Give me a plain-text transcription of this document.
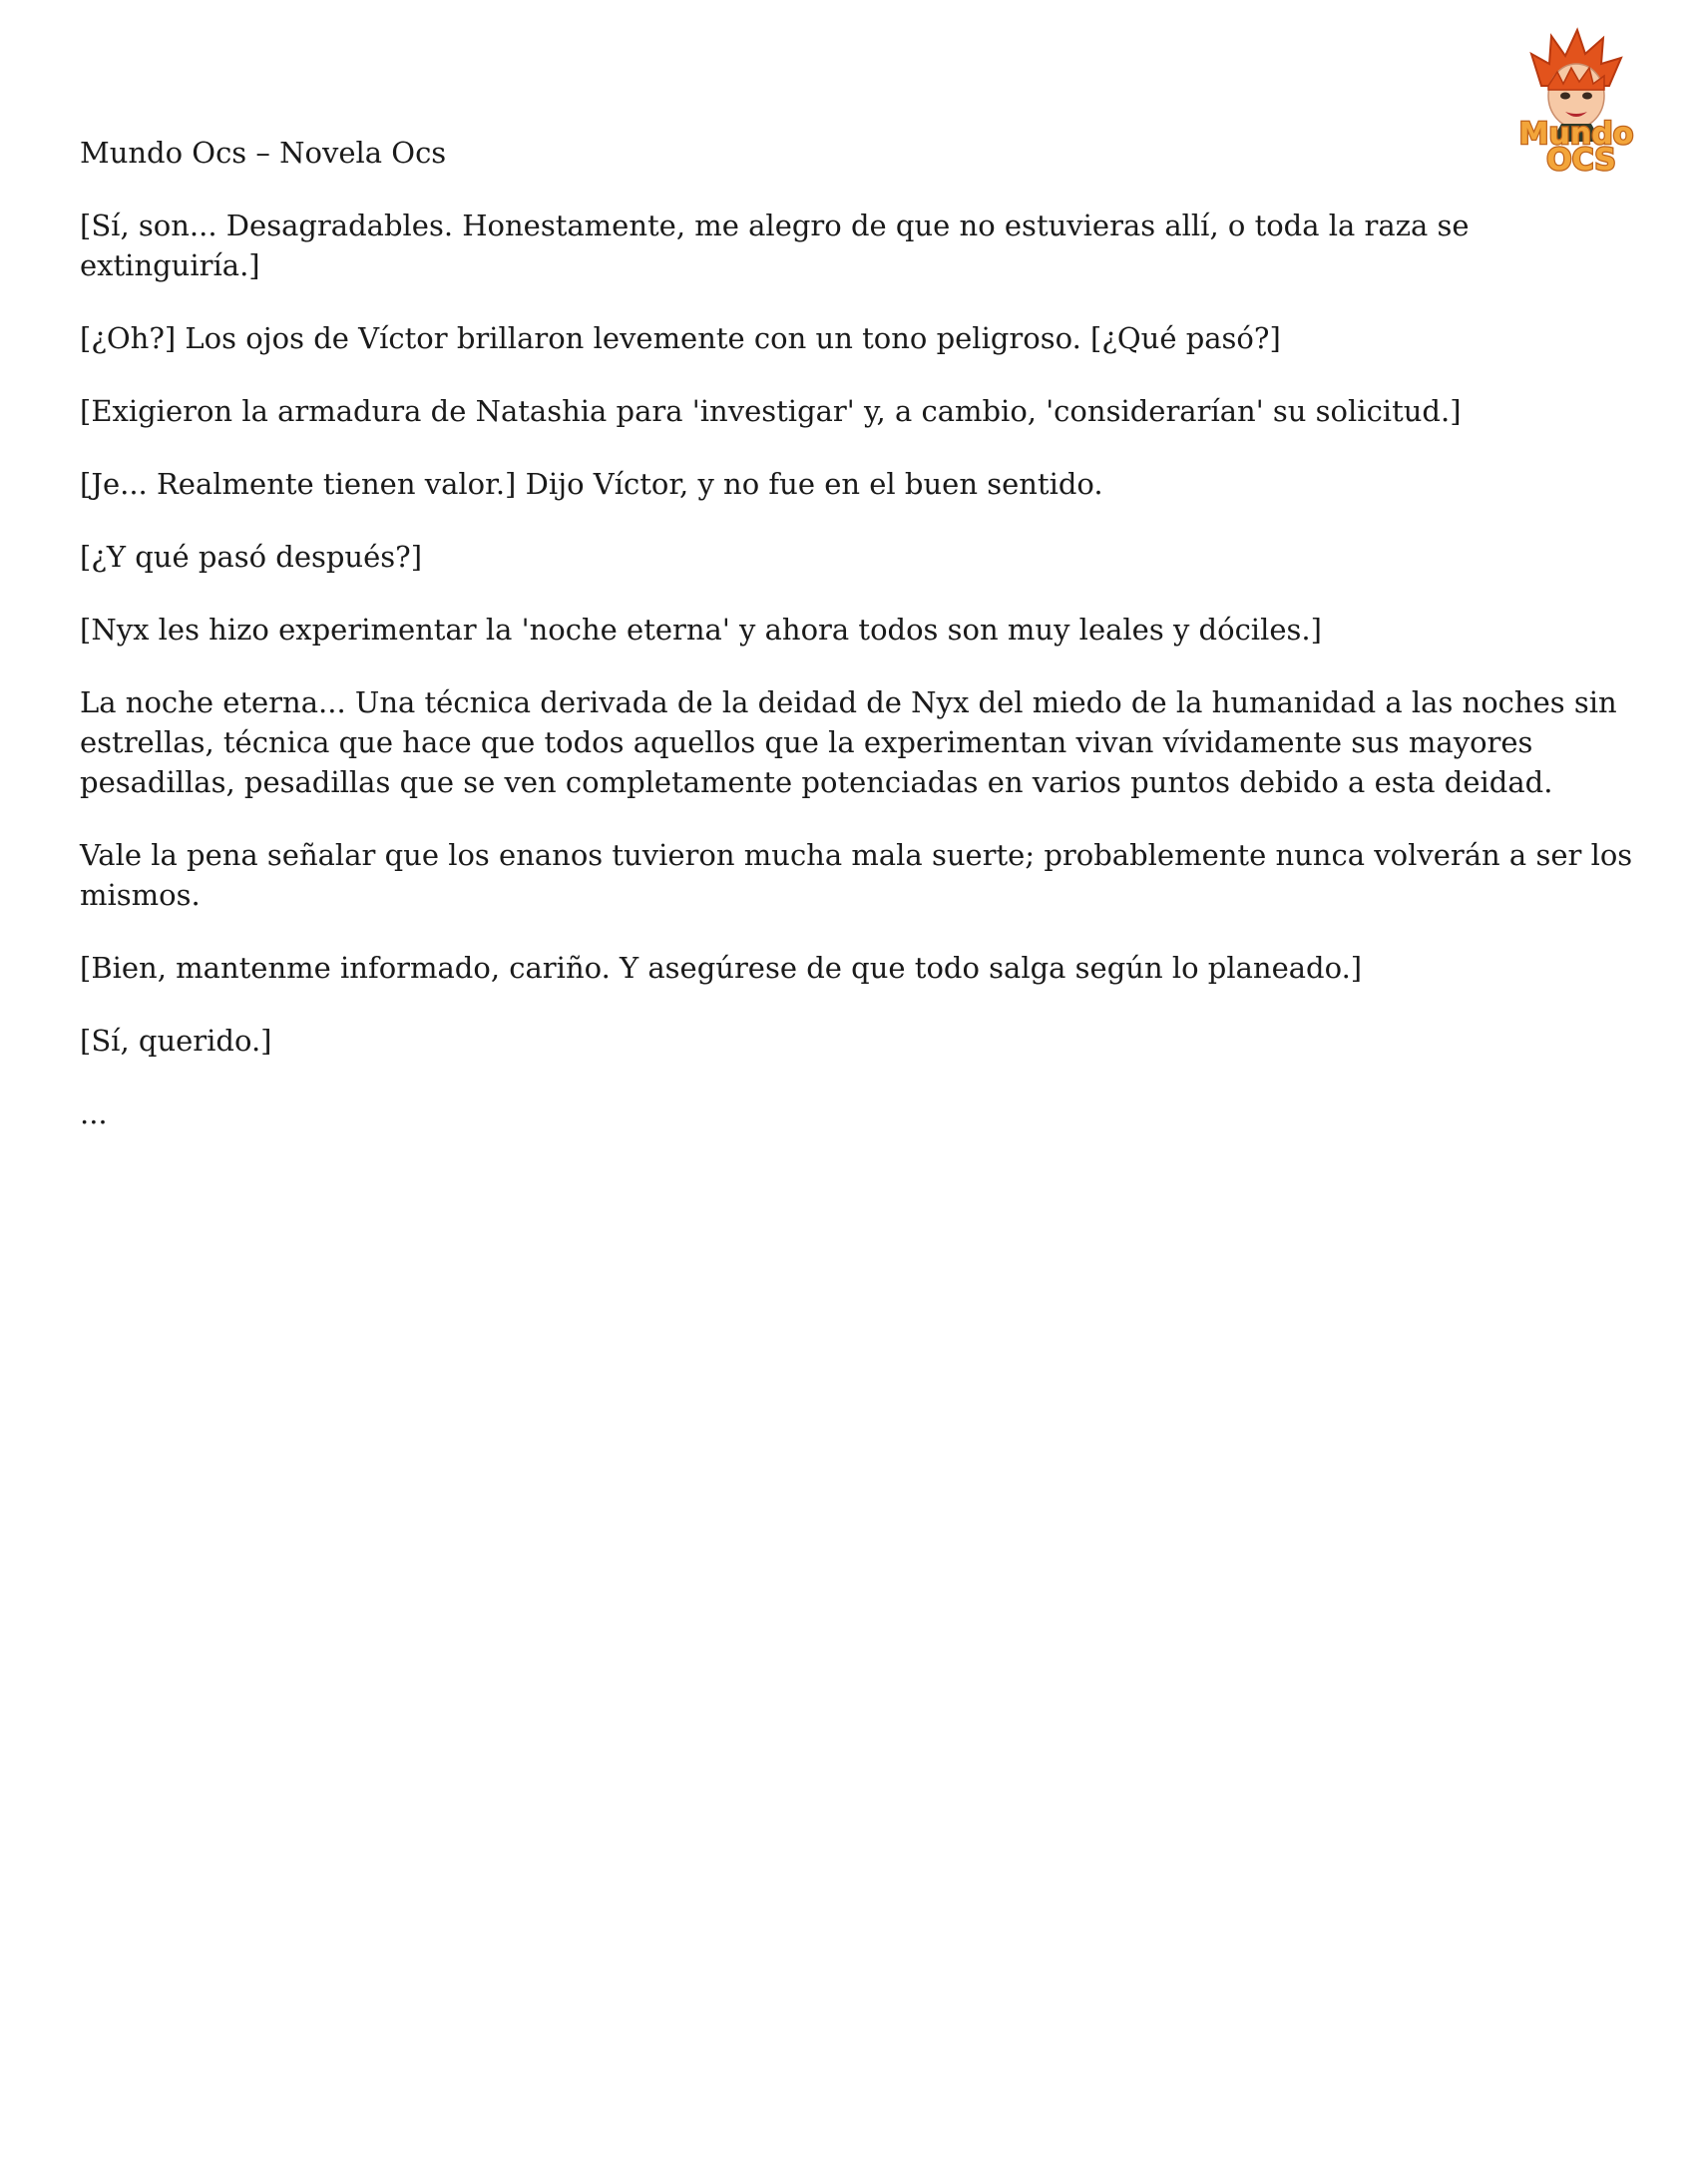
Mundo
OCS
Mundo Ocs – Novela Ocs

[Sí, son... Desagradables. Honestamente, me alegro de que no estuvieras allí, o toda la raza se extinguiría.]

[¿Oh?] Los ojos de Víctor brillaron levemente con un tono peligroso. [¿Qué pasó?]

[Exigieron la armadura de Natashia para 'investigar' y, a cambio, 'considerarían' su solicitud.]

[Je... Realmente tienen valor.] Dijo Víctor, y no fue en el buen sentido.

[¿Y qué pasó después?]

[Nyx les hizo experimentar la 'noche eterna' y ahora todos son muy leales y dóciles.]

La noche eterna... Una técnica derivada de la deidad de Nyx del miedo de la humanidad a las noches sin estrellas, técnica que hace que todos aquellos que la experimentan vivan vívidamente sus mayores pesadillas, pesadillas que se ven completamente potenciadas en varios puntos debido a esta deidad.

Vale la pena señalar que los enanos tuvieron mucha mala suerte; probablemente nunca volverán a ser los mismos.

[Bien, mantenme informado, cariño. Y asegúrese de que todo salga según lo planeado.]

[Sí, querido.]

...
